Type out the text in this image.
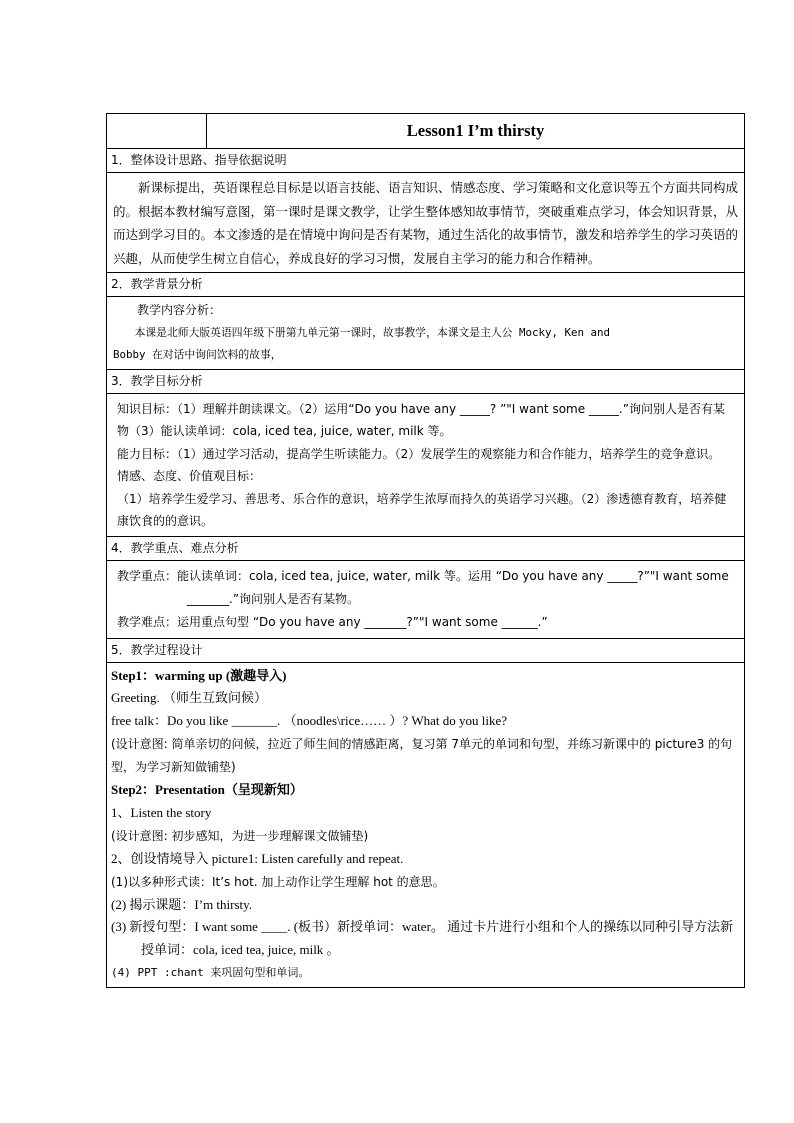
	Lesson1 I’m thirsty
1．整体设计思路、指导依据说明

新课标提出，英语课程总目标是以语言技能、语言知识、情感态度、学习策略和文化意识等五个方面共同构成的。根据本教材编写意图，第一课时是课文教学，让学生整体感知故事情节，突破重难点学习，体会知识背景，从而达到学习目的。本文渗透的是在情境中询问是否有某物，通过生活化的故事情节，激发和培养学生的学习英语的兴趣，从而使学生树立自信心，养成良好的学习习惯，发展自主学习的能力和合作精神。

2．教学背景分析

教学内容分析：

本课是北师大版英语四年级下册第九单元第一课时，故事教学，本课文是主人公 Mocky, Ken and

Bobby 在对话中询问饮料的故事，

3．教学目标分析

知识目标：（1）理解并朗读课文。（2）运用“Do you have any _____? ”"I want some _____.”询问别人是否有某物（3）能认读单词：cola, iced tea, juice, water, milk 等。

能力目标：（1）通过学习活动，提高学生听读能力。（2）发展学生的观察能力和合作能力，培养学生的竞争意识。

情感、态度、价值观目标：

（1）培养学生爱学习、善思考、乐合作的意识，培养学生浓厚而持久的英语学习兴趣。（2）渗透德育教育，培养健康饮食的的意识。

4．教学重点、难点分析

教学重点：能认读单词：cola, iced tea, juice, water, milk 等。运用 “Do you have any _____?”"I want some _______.”询问别人是否有某物。

教学难点：运用重点句型 “Do you have any _______?”"I want some ______.”

5．教学过程设计

Step1：warming up (激趣导入)

Greeting. （师生互致问候）

free talk：Do you like _______. （noodles\rice…… ）? What do you like?

(设计意图: 简单亲切的问候，拉近了师生间的情感距离，复习第 7单元的单词和句型，并练习新课中的 picture3 的句型，为学习新知做铺垫)

Step2：Presentation（呈现新知）

1、Listen the story

(设计意图: 初步感知，为进一步理解课文做铺垫)

2、创设情境导入 picture1: Listen carefully and repeat.

(1)以多种形式读：It’s hot. 加上动作让学生理解 hot 的意思。

(2) 揭示课题：I’m thirsty.

(3) 新授句型：I want some ____. (板书）新授单词：water。 通过卡片进行小组和个人的操练以同种引导方法新授单词：cola, iced tea, juice, milk 。

(4) PPT :chant 来巩固句型和单词。
